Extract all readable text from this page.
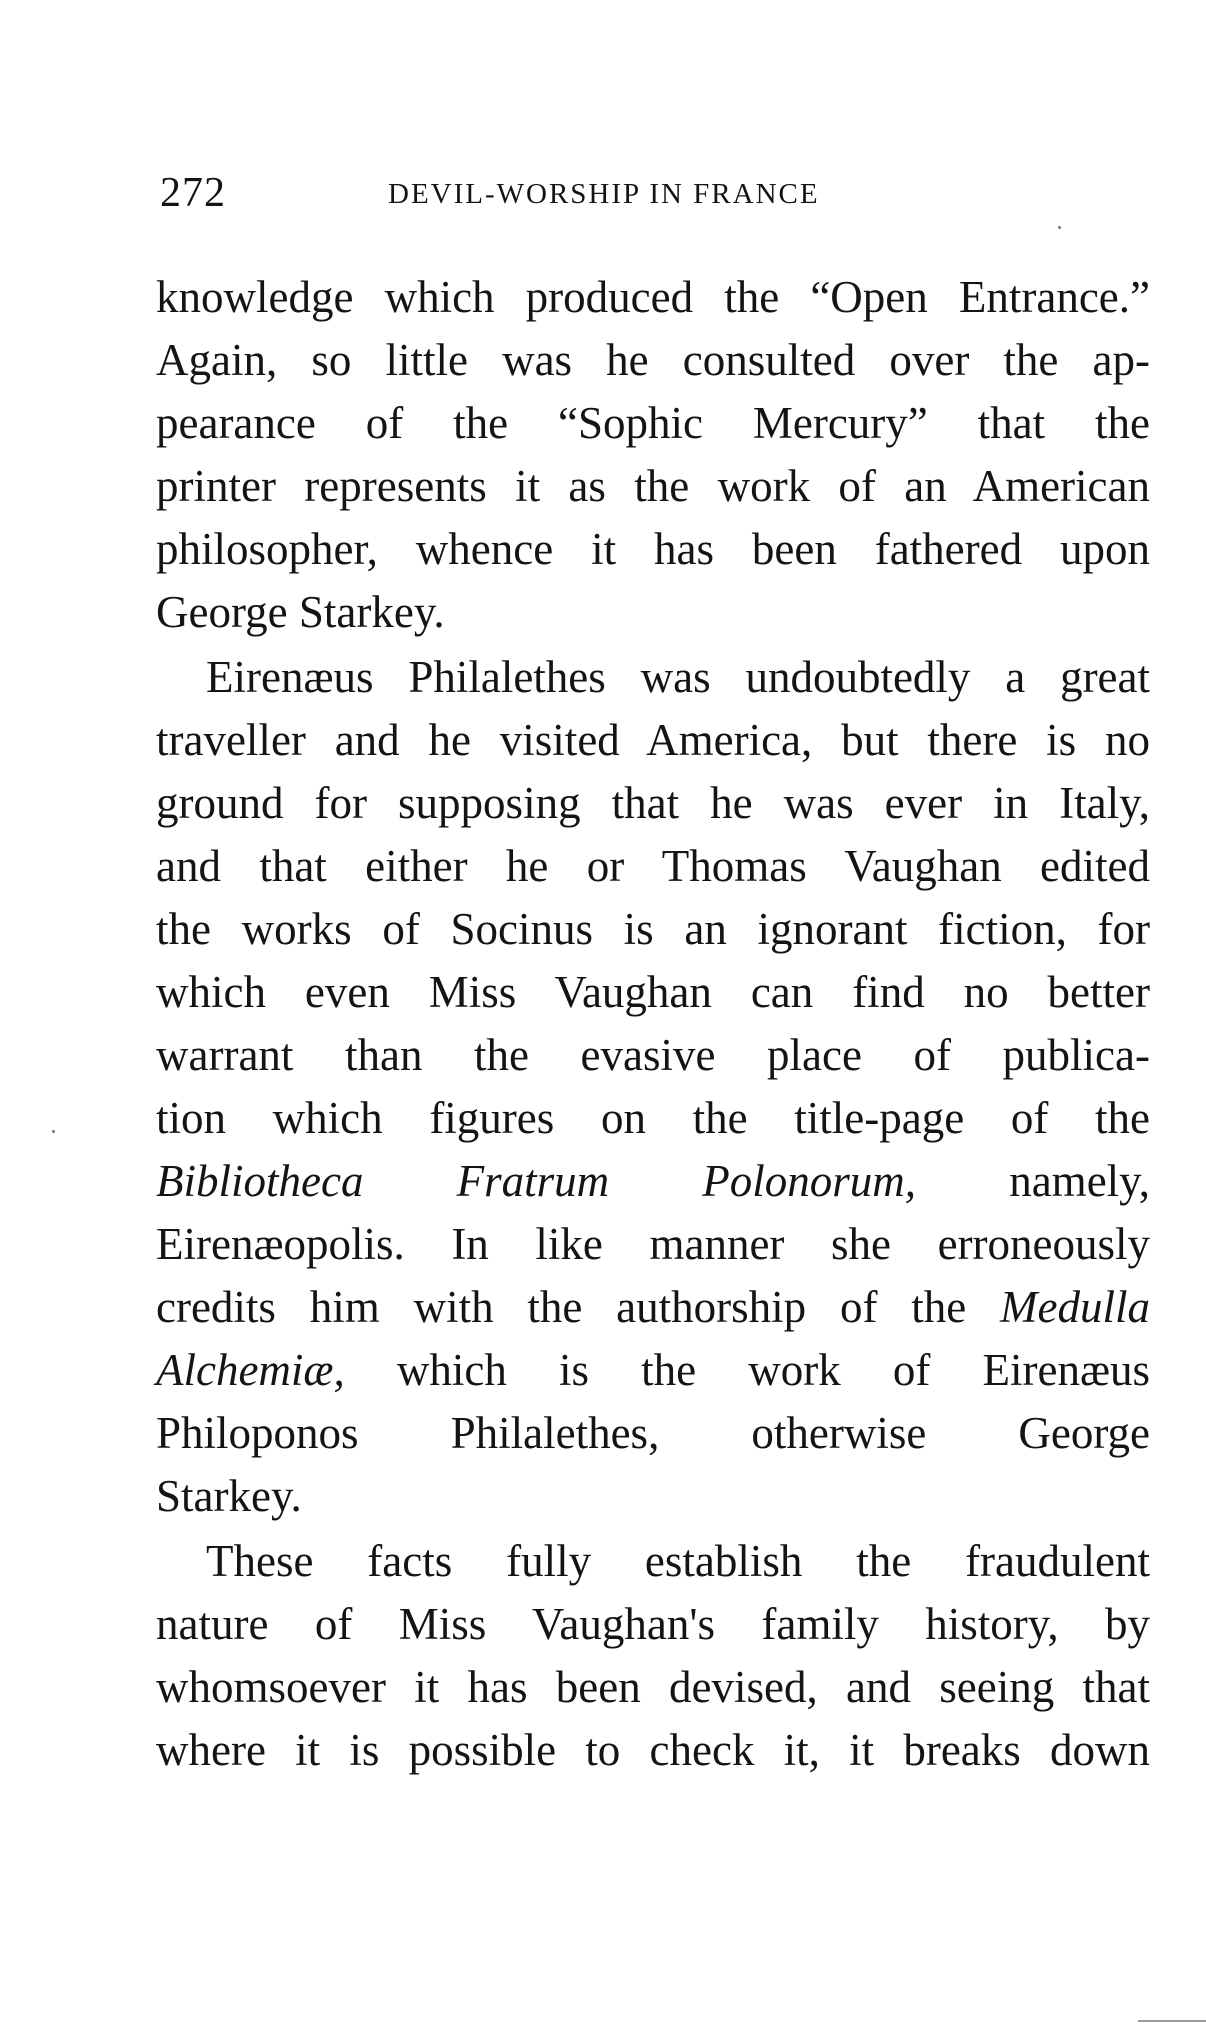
272	DEVIL-WORSHIP IN FRANCE
knowledge which produced the “Open Entrance.”
Again, so little was he consulted over the ap-
pearance of the “Sophic Mercury” that the
printer represents it as the work of an American
philosopher, whence it has been fathered upon
George Starkey.
Eirenæus Philalethes was undoubtedly a great
traveller and he visited America, but there is no
ground for supposing that he was ever in Italy,
and that either he or Thomas Vaughan edited
the works of Socinus is an ignorant fiction, for
which even Miss Vaughan can find no better
warrant than the evasive place of publica-
tion which figures on the title-page of the
Bibliotheca Fratrum Polonorum, namely,
Eirenæopolis. In like manner she erroneously
credits him with the authorship of the Medulla
Alchemiæ, which is the work of Eirenæus
Philoponos Philalethes, otherwise George
Starkey.
These facts fully establish the fraudulent
nature of Miss Vaughan's family history, by
whomsoever it has been devised, and seeing that
where it is possible to check it, it breaks down
